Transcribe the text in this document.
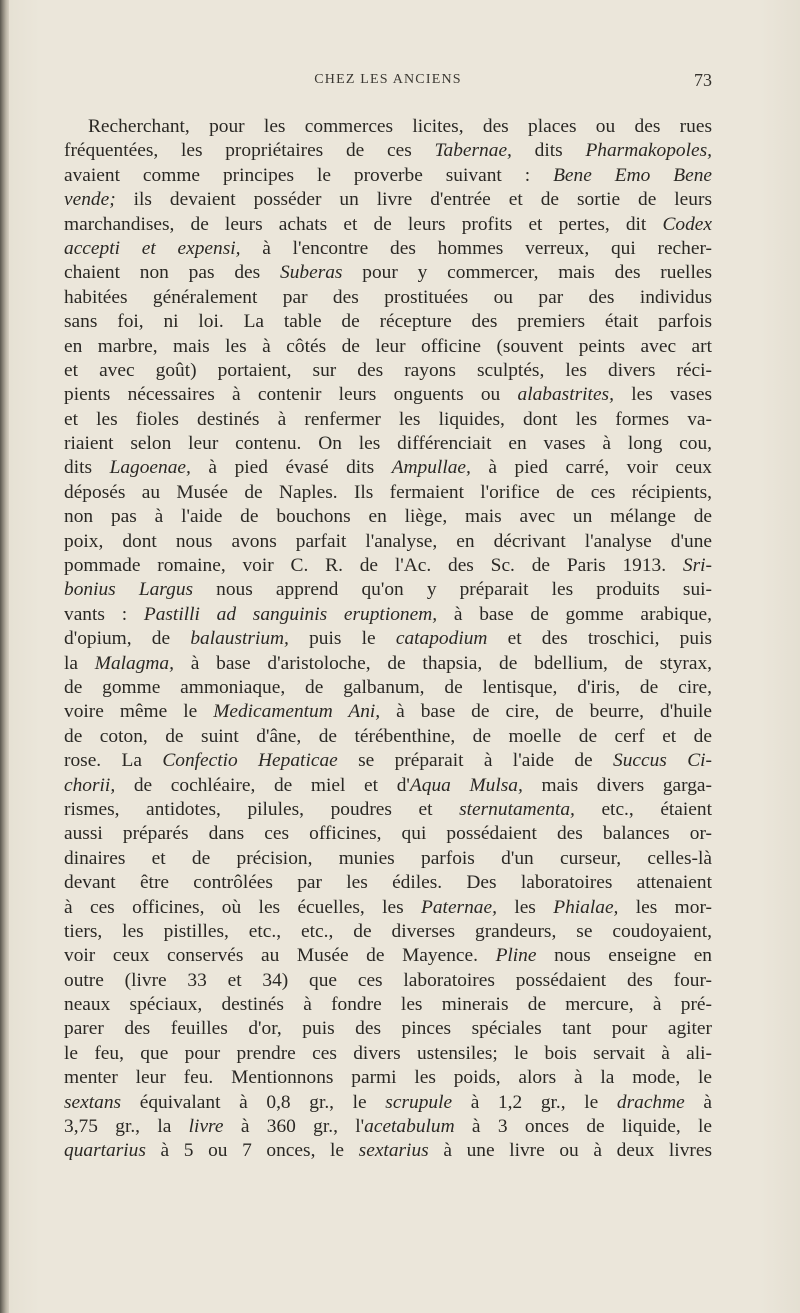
CHEZ LES ANCIENS	73
Recherchant, pour les commerces licites, des places ou des rues
fréquentées, les propriétaires de ces Tabernae, dits Pharmakopoles,
avaient comme principes le proverbe suivant : Bene Emo Bene
vende; ils devaient posséder un livre d'entrée et de sortie de leurs
marchandises, de leurs achats et de leurs profits et pertes, dit Codex
accepti et expensi, à l'encontre des hommes verreux, qui recher-
chaient non pas des Suberas pour y commercer, mais des ruelles
habitées généralement par des prostituées ou par des individus
sans foi, ni loi. La table de récepture des premiers était parfois
en marbre, mais les à côtés de leur officine (souvent peints avec art
et avec goût) portaient, sur des rayons sculptés, les divers réci-
pients nécessaires à contenir leurs onguents ou alabastrites, les vases
et les fioles destinés à renfermer les liquides, dont les formes va-
riaient selon leur contenu. On les différenciait en vases à long cou,
dits Lagoenae, à pied évasé dits Ampullae, à pied carré, voir ceux
déposés au Musée de Naples. Ils fermaient l'orifice de ces récipients,
non pas à l'aide de bouchons en liège, mais avec un mélange de
poix, dont nous avons parfait l'analyse, en décrivant l'analyse d'une
pommade romaine, voir C. R. de l'Ac. des Sc. de Paris 1913. Sri-
bonius Largus nous apprend qu'on y préparait les produits sui-
vants : Pastilli ad sanguinis eruptionem, à base de gomme arabique,
d'opium, de balaustrium, puis le catapodium et des troschici, puis
la Malagma, à base d'aristoloche, de thapsia, de bdellium, de styrax,
de gomme ammoniaque, de galbanum, de lentisque, d'iris, de cire,
voire même le Medicamentum Ani, à base de cire, de beurre, d'huile
de coton, de suint d'âne, de térébenthine, de moelle de cerf et de
rose. La Confectio Hepaticae se préparait à l'aide de Succus Ci-
chorii, de cochléaire, de miel et d'Aqua Mulsa, mais divers garga-
rismes, antidotes, pilules, poudres et sternutamenta, etc., étaient
aussi préparés dans ces officines, qui possédaient des balances or-
dinaires et de précision, munies parfois d'un curseur, celles-là
devant être contrôlées par les édiles. Des laboratoires attenaient
à ces officines, où les écuelles, les Paternae, les Phialae, les mor-
tiers, les pistilles, etc., etc., de diverses grandeurs, se coudoyaient,
voir ceux conservés au Musée de Mayence. Pline nous enseigne en
outre (livre 33 et 34) que ces laboratoires possédaient des four-
neaux spéciaux, destinés à fondre les minerais de mercure, à pré-
parer des feuilles d'or, puis des pinces spéciales tant pour agiter
le feu, que pour prendre ces divers ustensiles; le bois servait à ali-
menter leur feu. Mentionnons parmi les poids, alors à la mode, le
sextans équivalant à 0,8 gr., le scrupule à 1,2 gr., le drachme à
3,75 gr., la livre à 360 gr., l'acetabulum à 3 onces de liquide, le
quartarius à 5 ou 7 onces, le sextarius à une livre ou à deux livres
